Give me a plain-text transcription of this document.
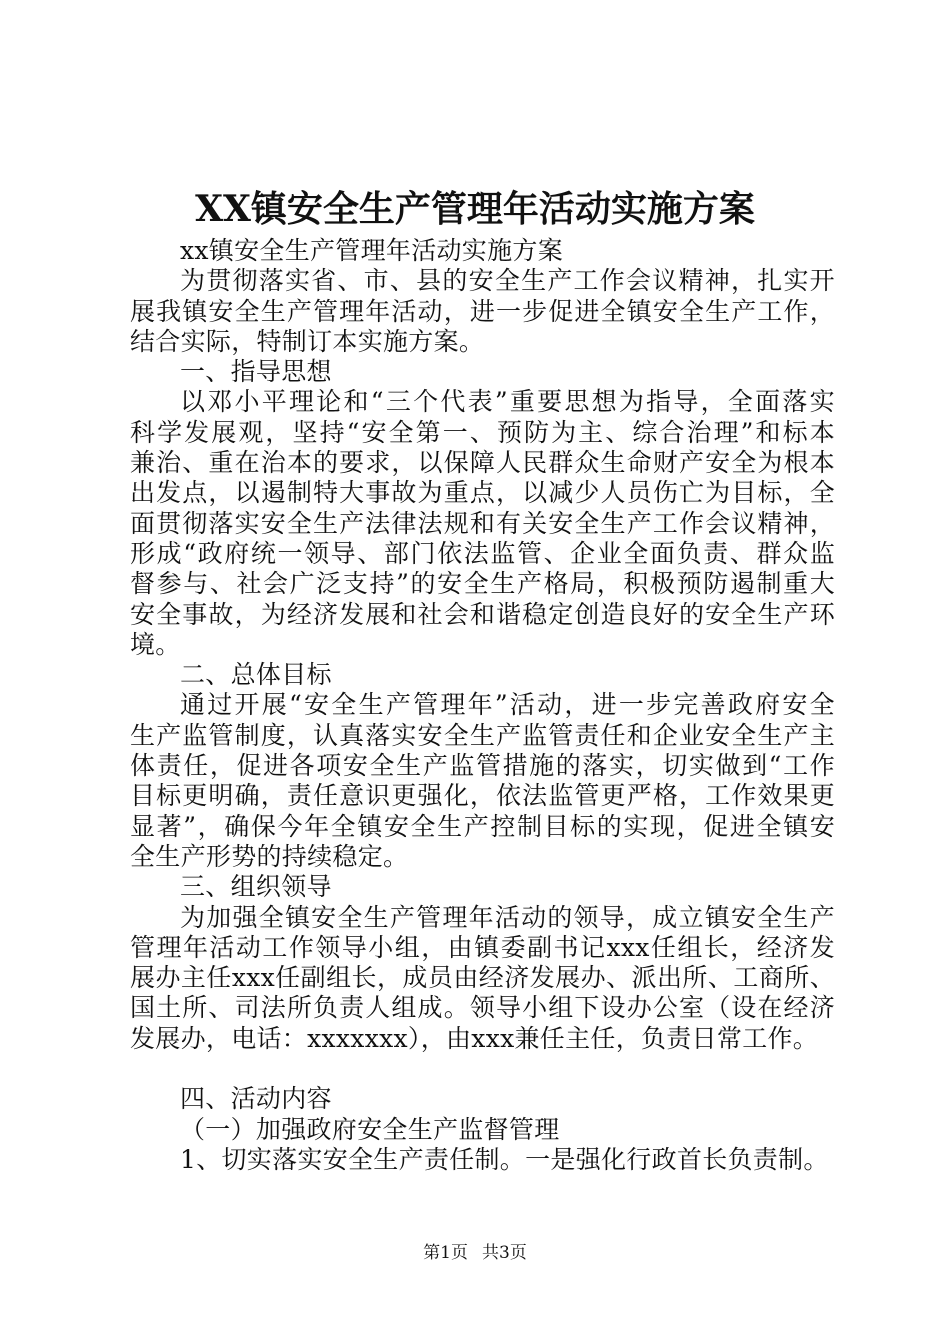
XX镇安全生产管理年活动实施方案
xx镇安全生产管理年活动实施方案
为贯彻落实省、市、县的安全生产工作会议精神，扎实开
展我镇安全生产管理年活动，进一步促进全镇安全生产工作，
结合实际，特制订本实施方案。
一、指导思想
以邓小平理论和“三个代表”重要思想为指导，全面落实
科学发展观，坚持“安全第一、预防为主、综合治理”和标本
兼治、重在治本的要求，以保障人民群众生命财产安全为根本
出发点，以遏制特大事故为重点，以减少人员伤亡为目标，全
面贯彻落实安全生产法律法规和有关安全生产工作会议精神，
形成“政府统一领导、部门依法监管、企业全面负责、群众监
督参与、社会广泛支持”的安全生产格局，积极预防遏制重大
安全事故，为经济发展和社会和谐稳定创造良好的安全生产环
境。
二、总体目标
通过开展“安全生产管理年”活动，进一步完善政府安全
生产监管制度，认真落实安全生产监管责任和企业安全生产主
体责任，促进各项安全生产监管措施的落实，切实做到“工作
目标更明确，责任意识更强化，依法监管更严格，工作效果更
显著”，确保今年全镇安全生产控制目标的实现，促进全镇安
全生产形势的持续稳定。
三、组织领导
为加强全镇安全生产管理年活动的领导，成立镇安全生产
管理年活动工作领导小组，由镇委副书记xxx任组长，经济发
展办主任xxx任副组长，成员由经济发展办、派出所、工商所、
国土所、司法所负责人组成。领导小组下设办公室（设在经济
发展办，电话：xxxxxxx），由xxx兼任主任，负责日常工作。
四、活动内容
（一）加强政府安全生产监督管理
1、切实落实安全生产责任制。一是强化行政首长负责制。
第1页 共3页
